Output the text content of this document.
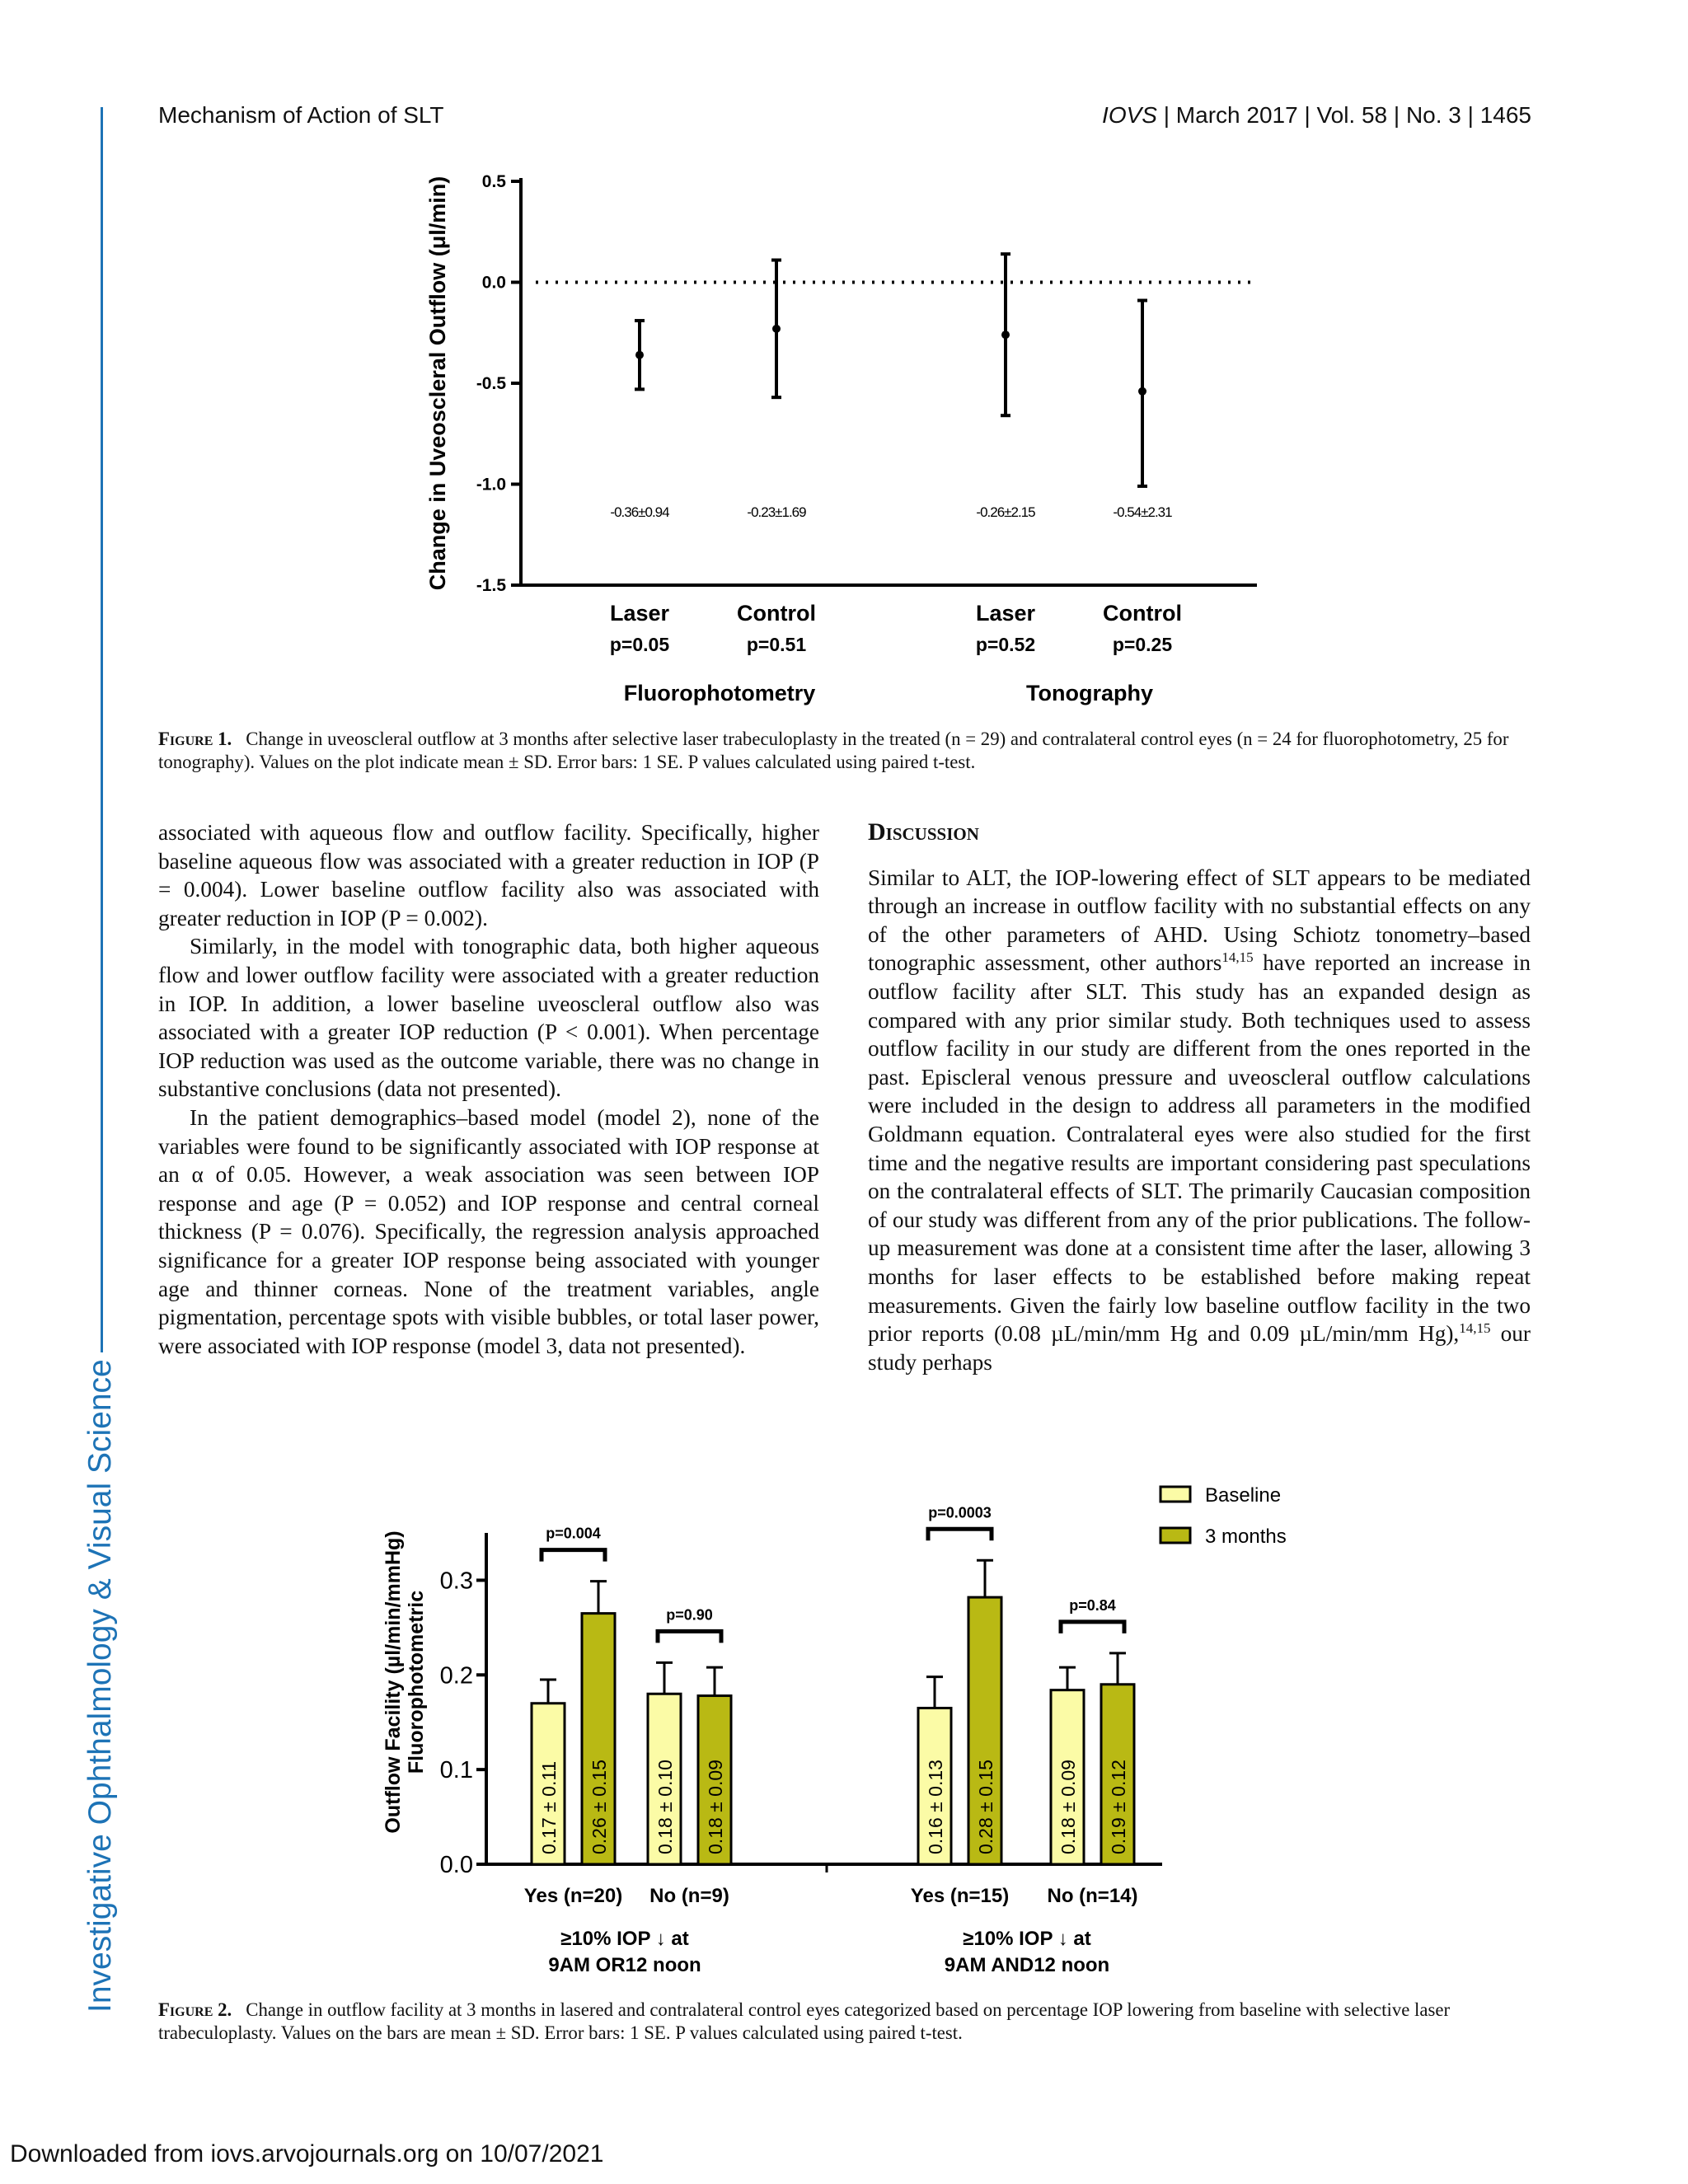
Investigative Ophthalmology & Visual Science
Mechanism of Action of SLT	IOVS | March 2017 | Vol. 58 | No. 3 | 1465
0.5
0.0
-0.5
-1.0
-1.5
Change in Uveoscleral Outflow (μl/min)	-0.36±0.94
Laser
p=0.05
-0.23±1.69
Control
p=0.51
-0.26±2.15
Laser
p=0.52
-0.54±2.31
Control
p=0.25
Fluorophotometry	Tonography
Figure 1. Change in uveoscleral outflow at 3 months after selective laser trabeculoplasty in the treated (n = 29) and contralateral control eyes (n = 24 for fluorophotometry, 25 for tonography). Values on the plot indicate mean ± SD. Error bars: 1 SE. P values calculated using paired t-test.

associated with aqueous flow and outflow facility. Specifically, higher baseline aqueous flow was associated with a greater reduction in IOP (P = 0.004). Lower baseline outflow facility also was associated with greater reduction in IOP (P = 0.002).

Similarly, in the model with tonographic data, both higher aqueous flow and lower outflow facility were associated with a greater reduction in IOP. In addition, a lower baseline uveoscleral outflow also was associated with a greater IOP reduction (P < 0.001). When percentage IOP reduction was used as the outcome variable, there was no change in substantive conclusions (data not presented).

In the patient demographics–based model (model 2), none of the variables were found to be significantly associated with IOP response at an α of 0.05. However, a weak association was seen between IOP response and age (P = 0.052) and IOP response and central corneal thickness (P = 0.076). Specifically, the regression analysis approached significance for a greater IOP response being associated with younger age and thinner corneas. None of the treatment variables, angle pigmentation, percentage spots with visible bubbles, or total laser power, were associated with IOP response (model 3, data not presented).

Discussion

Similar to ALT, the IOP-lowering effect of SLT appears to be mediated through an increase in outflow facility with no substantial effects on any of the other parameters of AHD. Using Schiotz tonometry–based tonographic assessment, other authors$^{14,15}$ have reported an increase in outflow facility after SLT. This study has an expanded design as compared with any prior similar study. Both techniques used to assess outflow facility in our study are different from the ones reported in the past. Episcleral venous pressure and uveoscleral outflow calculations were included in the design to address all parameters in the modified Goldmann equation. Contralateral eyes were also studied for the first time and the negative results are important considering past speculations on the contralateral effects of SLT. The primarily Caucasian composition of our study was different from any of the prior publications. The follow-up measurement was done at a consistent time after the laser, allowing 3 months for laser effects to be established before making repeat measurements. Given the fairly low baseline outflow facility in the two prior reports (0.08 µL/min/mm Hg and 0.09 µL/min/mm Hg),$^{14,15}$ our study perhaps

0.0
0.1
0.2
0.3
Outflow Facility (µl/min/mmHg) Fluorophotometric
0.17 ± 0.11 0.26 ± 0.15
p=0.004
Yes (n=20)
0.18 ± 0.10 0.18 ± 0.09
p=0.90
No (n=9)
0.16 ± 0.13 0.28 ± 0.15
p=0.0003
Yes (n=15)
0.18 ± 0.09 0.19 ± 0.12
p=0.84
No (n=14)
≥10% IOP ↓ at
9AM OR12 noon
≥10% IOP ↓ at
9AM AND12 noon
Baseline
3 months
Figure 2. Change in outflow facility at 3 months in lasered and contralateral control eyes categorized based on percentage IOP lowering from baseline with selective laser trabeculoplasty. Values on the bars are mean ± SD. Error bars: 1 SE. P values calculated using paired t-test.
Downloaded from iovs.arvojournals.org on 10/07/2021
